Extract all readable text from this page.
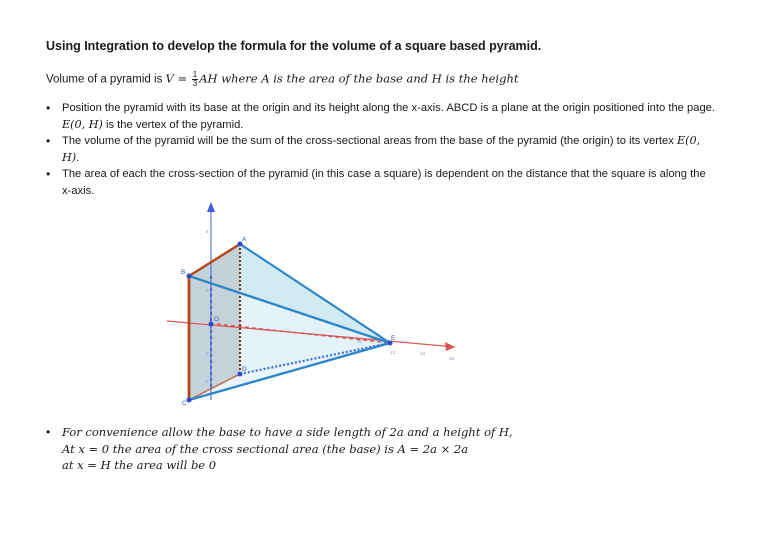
Using Integration to develop the formula for the volume of a square based pyramid.
Volume of a pyramid is $V = \frac{1}{3}$ AH where A is the area of the base and H is the height
• Position the pyramid with its base at the origin and its height along the x-axis. ABCD is a plane at the origin positioned into the page. E(0, H) is the vertex of the pyramid.
• The volume of the pyramid will be the sum of the cross-sectional areas from the base of the pyramid (the origin) to its vertex E(0, H).
• The area of each the cross-section of the pyramid (in this case a square) is dependent on the distance that the square is along the x-axis.
A
B
C
D
E
O
6
2
-2
-4
10
12	14
16
• For convenience allow the base to have a side length of 2a and a height of H,
At x = 0 the area of the cross sectional area (the base) is A = 2a × 2a
at x = H the area will be 0
